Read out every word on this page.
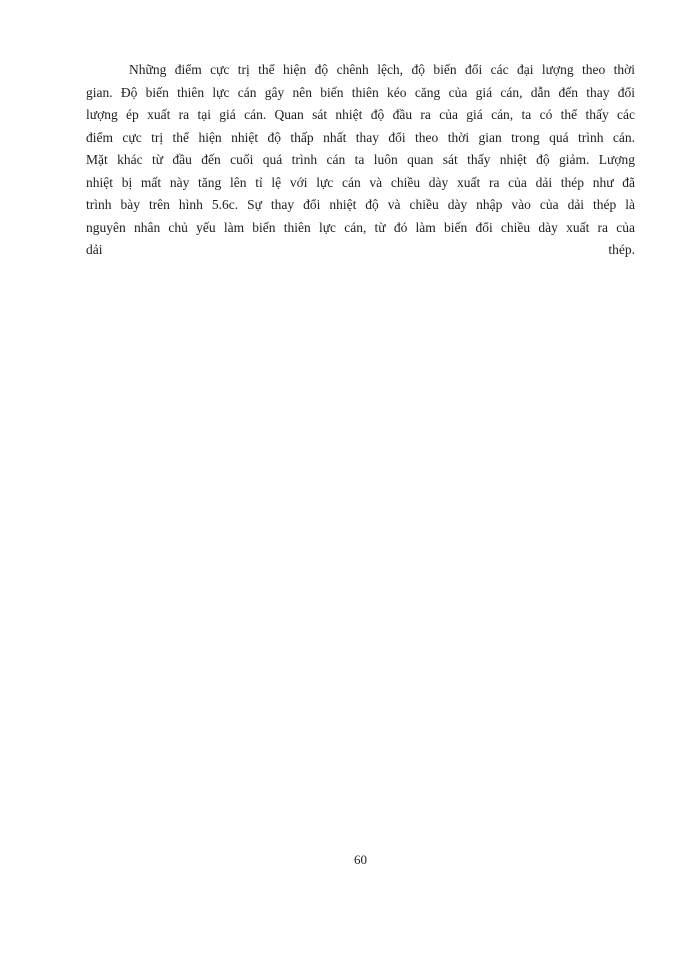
Những điểm cực trị thể hiện độ chênh lệch, độ biến đổi các đại lượng theo thời
gian. Độ biến thiên lực cán gây nên biến thiên kéo căng của giá cán, dẫn đến thay đổi
lượng ép xuất ra tại giá cán. Quan sát nhiệt độ đầu ra của giá cán, ta có thể thấy các
điểm cực trị thể hiện nhiệt độ thấp nhất thay đổi theo thời gian trong quá trình cán.
Mặt khác từ đầu đến cuối quá trình cán ta luôn quan sát thấy nhiệt độ giảm. Lượng
nhiệt bị mất này tăng lên tỉ lệ với lực cán và chiều dày xuất ra của dải thép như đã
trình bày trên hình 5.6c. Sự thay đổi nhiệt độ và chiều dày nhập vào của dải thép là
nguyên nhân chủ yếu làm biến thiên lực cán, từ đó làm biến đổi chiều dày xuất ra của
dải thép.
60
